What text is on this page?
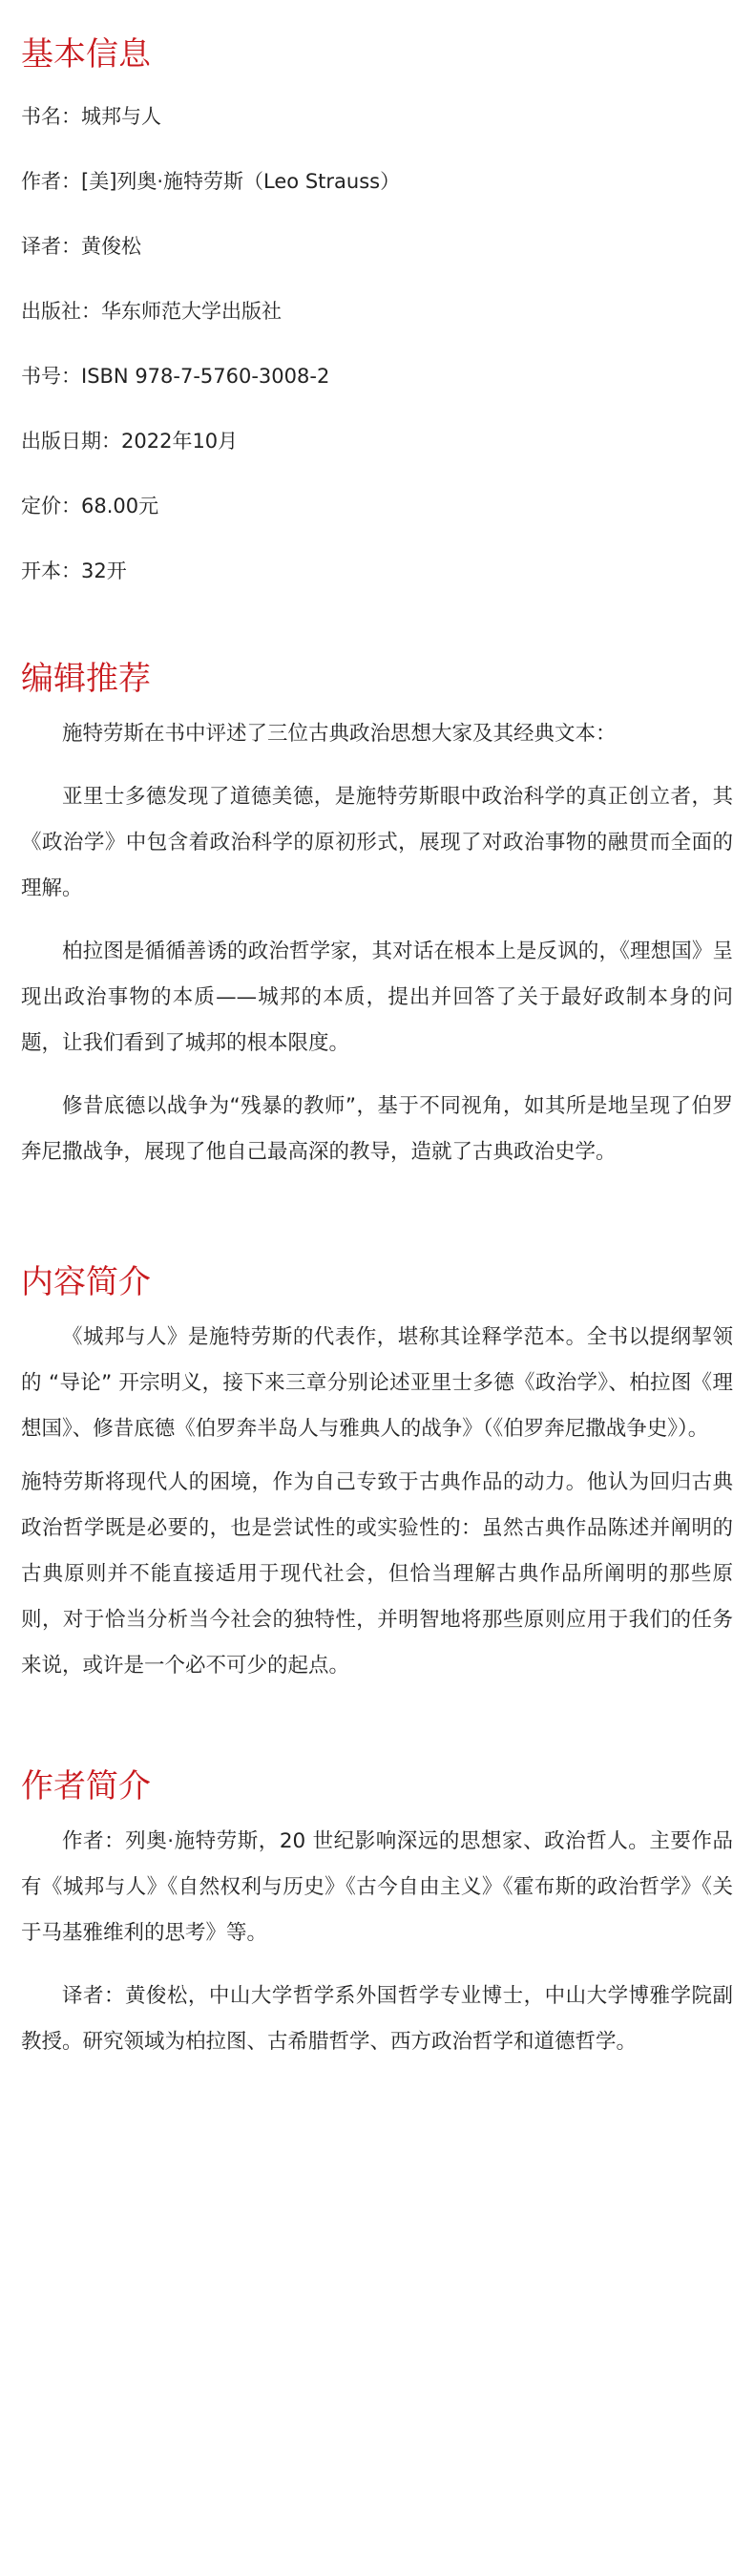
基本信息

书名：城邦与人

作者：[美]列奥·施特劳斯（Leo Strauss）

译者：黄俊松

出版社：华东师范大学出版社

书号：ISBN 978-7-5760-3008-2

出版日期：2022年10月

定价：68.00元

开本：32开

编辑推荐

施特劳斯在书中评述了三位古典政治思想大家及其经典文本：

亚里士多德发现了道德美德，是施特劳斯眼中政治科学的真正创立者，其《政治学》中包含着政治科学的原初形式，展现了对政治事物的融贯而全面的理解。

柏拉图是循循善诱的政治哲学家，其对话在根本上是反讽的，《理想国》呈现出政治事物的本质——城邦的本质，提出并回答了关于最好政制本身的问题，让我们看到了城邦的根本限度。

修昔底德以战争为“残暴的教师”，基于不同视角，如其所是地呈现了伯罗奔尼撒战争，展现了他自己最高深的教导，造就了古典政治史学。

内容简介

《城邦与人》是施特劳斯的代表作，堪称其诠释学范本。全书以提纲挈领的 “导论” 开宗明义，接下来三章分别论述亚里士多德《政治学》、柏拉图《理想国》、修昔底德《伯罗奔半岛人与雅典人的战争》（《伯罗奔尼撒战争史》）。

施特劳斯将现代人的困境，作为自己专致于古典作品的动力。他认为回归古典政治哲学既是必要的，也是尝试性的或实验性的：虽然古典作品陈述并阐明的古典原则并不能直接适用于现代社会，但恰当理解古典作品所阐明的那些原则，对于恰当分析当今社会的独特性，并明智地将那些原则应用于我们的任务来说，或许是一个必不可少的起点。

作者简介

作者：列奥·施特劳斯，20 世纪影响深远的思想家、政治哲人。主要作品有《城邦与人》《自然权利与历史》《古今自由主义》《霍布斯的政治哲学》《关于马基雅维利的思考》等。

译者：黄俊松，中山大学哲学系外国哲学专业博士，中山大学博雅学院副教授。研究领域为柏拉图、古希腊哲学、西方政治哲学和道德哲学。
